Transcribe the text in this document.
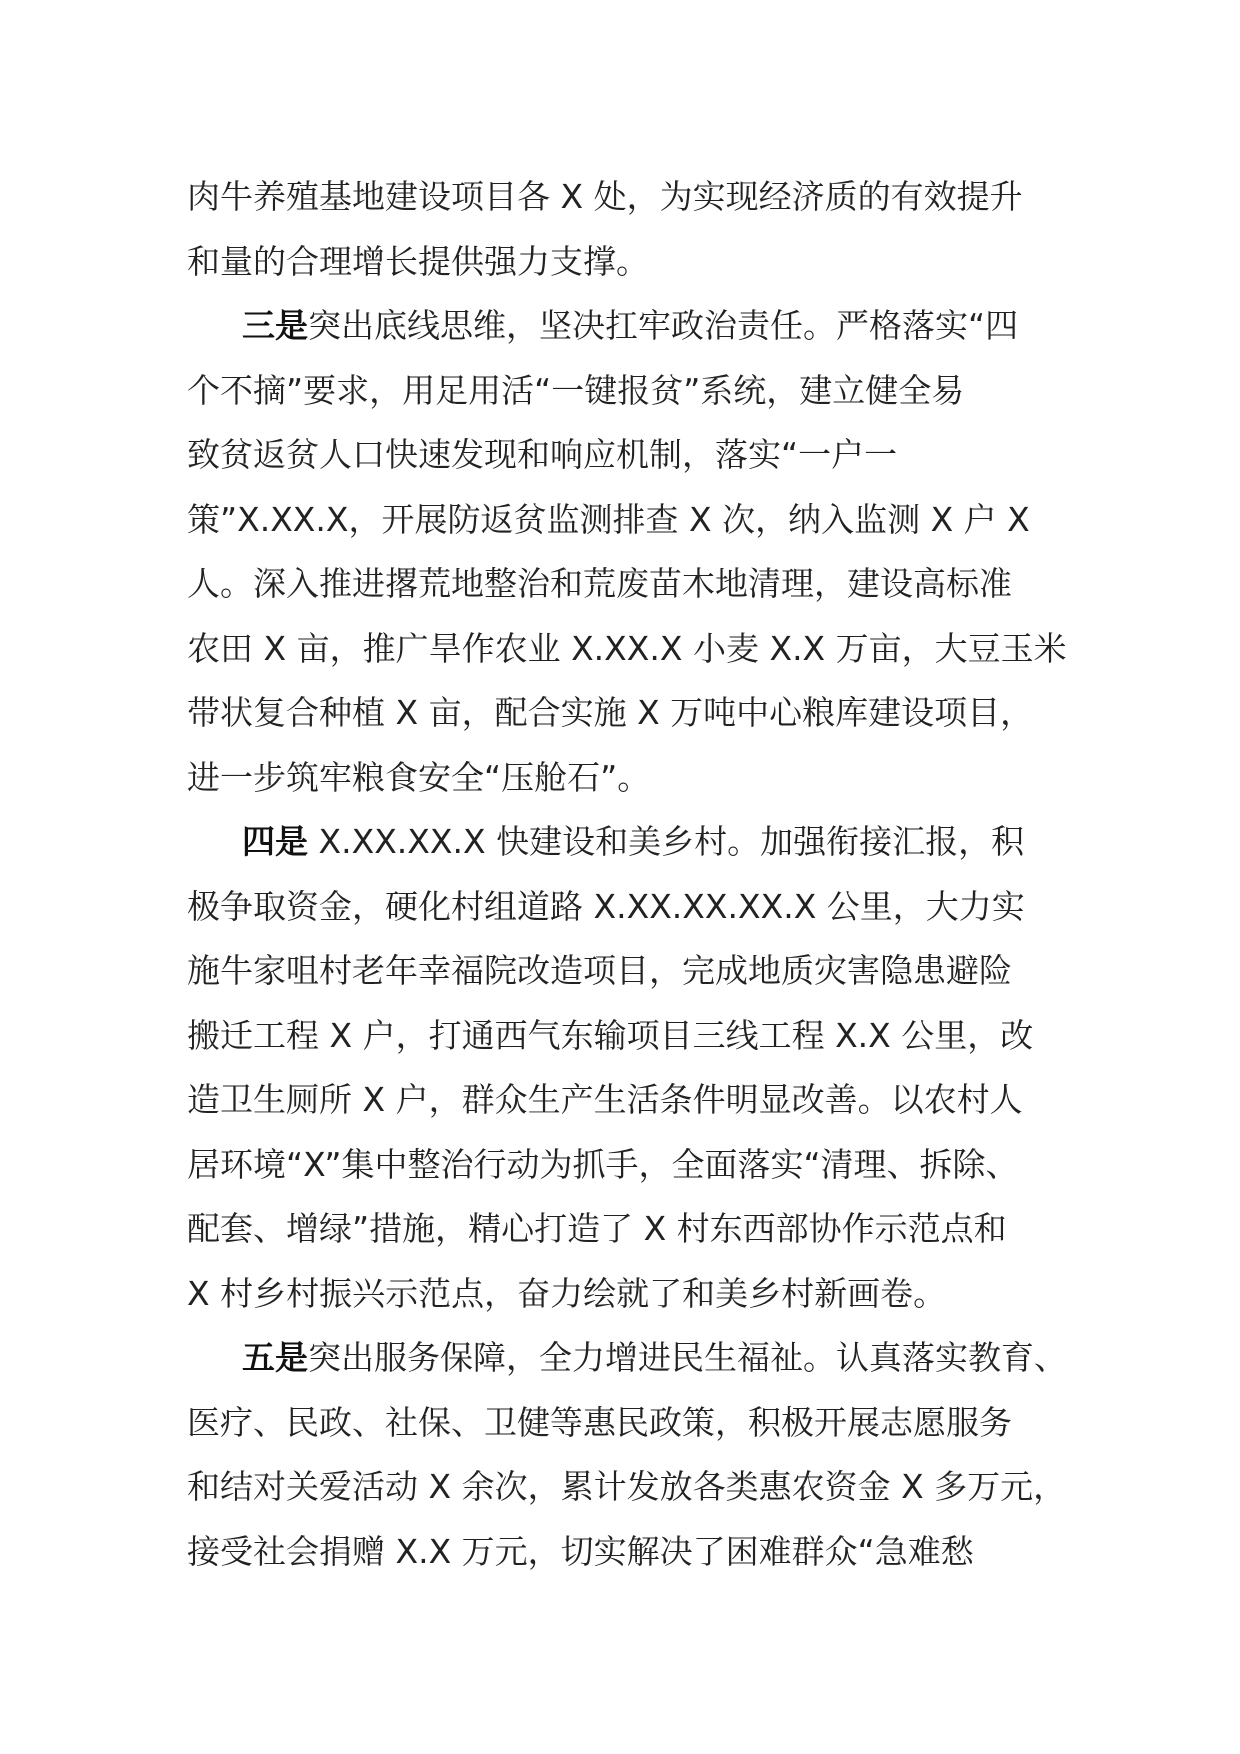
肉牛养殖基地建设项目各 X 处，为实现经济质的有效提升
和量的合理增长提供强力支撑。
三是突出底线思维，坚决扛牢政治责任。严格落实“四
个不摘”要求，用足用活“一键报贫”系统，建立健全易
致贫返贫人口快速发现和响应机制，落实“一户一
策”X.XX.X，开展防返贫监测排查 X 次，纳入监测 X 户 X
人。深入推进撂荒地整治和荒废苗木地清理，建设高标准
农田 X 亩，推广旱作农业 X.XX.X 小麦 X.X 万亩，大豆玉米
带状复合种植 X 亩，配合实施 X 万吨中心粮库建设项目，
进一步筑牢粮食安全“压舱石”。
四是 X.XX.XX.X 快建设和美乡村。加强衔接汇报，积
极争取资金，硬化村组道路 X.XX.XX.XX.X 公里，大力实
施牛家咀村老年幸福院改造项目，完成地质灾害隐患避险
搬迁工程 X 户，打通西气东输项目三线工程 X.X 公里，改
造卫生厕所 X 户，群众生产生活条件明显改善。以农村人
居环境“X”集中整治行动为抓手，全面落实“清理、拆除、
配套、增绿”措施，精心打造了 X 村东西部协作示范点和
X 村乡村振兴示范点，奋力绘就了和美乡村新画卷。
五是突出服务保障，全力增进民生福祉。认真落实教育、
医疗、民政、社保、卫健等惠民政策，积极开展志愿服务
和结对关爱活动 X 余次，累计发放各类惠农资金 X 多万元，
接受社会捐赠 X.X 万元，切实解决了困难群众“急难愁
